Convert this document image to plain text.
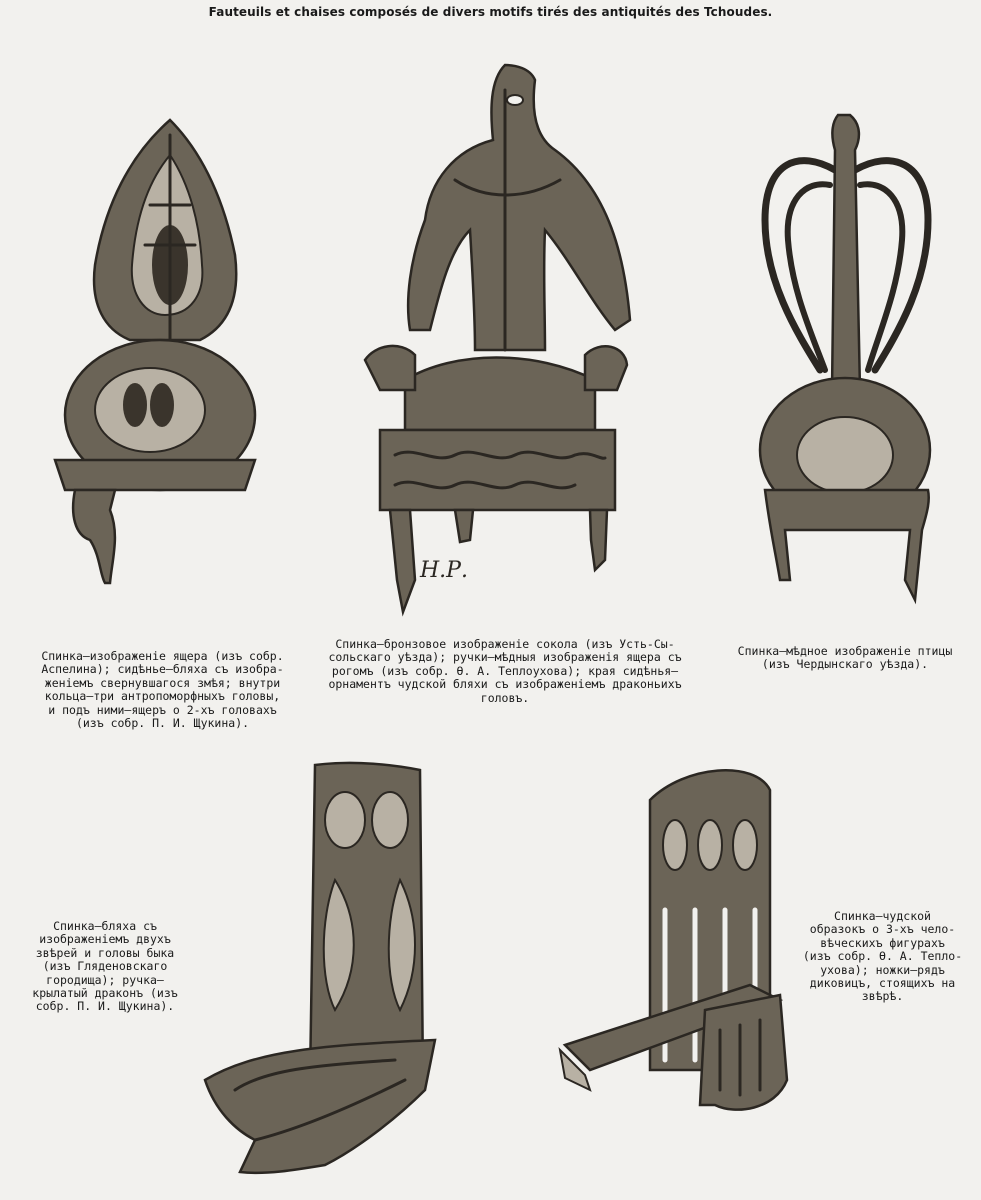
Fauteuils et chaises composés de divers motifs tirés des antiquités des Tchoudes.
Н.Р.
Спинка—изображеніе ящера (изъ собр.
Аспелина); сидѣнье—бляха съ изобра-
женіемъ свернувшагося змѣя; внутри
кольца—три антропоморфныхъ головы,
и подъ ними—ящеръ о 2-хъ головахъ
(изъ собр. П. И. Щукина).
Спинка—бронзовое изображеніе сокола (изъ Усть-Сы-
сольскаго уѣзда); ручки—мѣдныя изображенія ящера съ
рогомъ (изъ собр. Ѳ. А. Теплоухова); края сидѣнья—
орнаментъ чудской бляхи съ изображеніемъ драконьихъ
головъ.
Спинка—мѣдное изображеніе птицы
(изъ Чердынскаго уѣзда).
Спинка—бляха съ
изображеніемъ двухъ
звѣрей и головы быка
(изъ Гляденовскаго
городища); ручка—
крылатый драконъ (изъ
собр. П. И. Щукина).
Спинка—чудской
образокъ о 3-хъ чело-
вѣческихъ фигурахъ
(изъ собр. Ѳ. А. Тепло-
ухова); ножки—рядъ
диковицъ, стоящихъ на
звѣрѣ.
